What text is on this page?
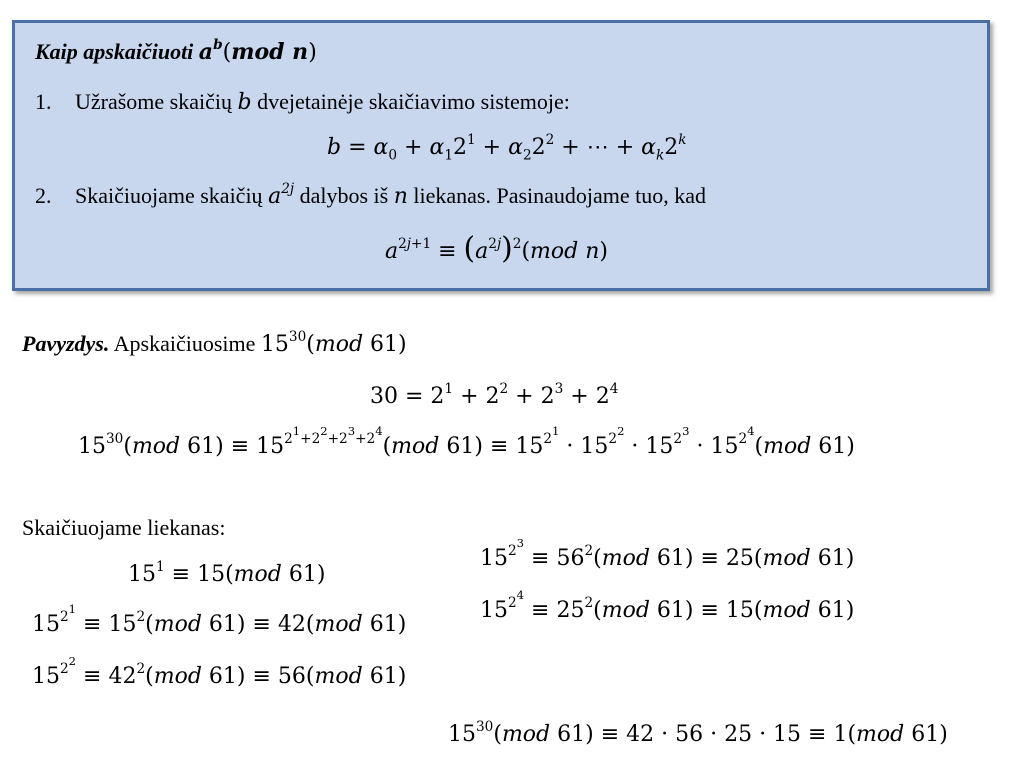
Kaip apskaičiuoti $a^b(mod$ n)
1. Užrašome skaičių b dvejetainėje skaičiavimo sistemoje:
$b = \alpha_0 + \alpha_12^1 + \alpha_22^2$ + ⋯ + $\alpha_k2^k$
2. Skaičiuojame skaičių $a^{2j}$ dalybos iš n liekanas. Pasinaudojame tuo, kad
$a^{2j+1} \equiv (a^{2j})^2(mod$ n)
Pavyzdys. Apskaičiuosime $15^{30}(mod$ 61)
$30 = 2^1 + 2^2 + 2^3 + 2^4$
$15^{30}(mod$ $61) \equiv 15^{2^1+2^2+2^3+2^4}(mod$ $61) \equiv 15^{2^1} \cdot 15^{2^2} \cdot 15^{2^3} \cdot 15^{2^4}(mod$ 61)
Skaičiuojame liekanas:
$15^1 \equiv 15(mod$ 61)
$15^{2^1} \equiv 15^2(mod$ 61) ≡ 42(mod 61)
$15^{2^2} \equiv 42^2(mod$ 61) ≡ 56(mod 61)
$15^{2^3} \equiv 56^2(mod$ 61) ≡ 25(mod 61)
$15^{2^4} \equiv 25^2(mod$ 61) ≡ 15(mod 61)
$15^{30}(mod$ 61) ≡ 42 · 56 · 25 · 15 ≡ 1(mod 61)
